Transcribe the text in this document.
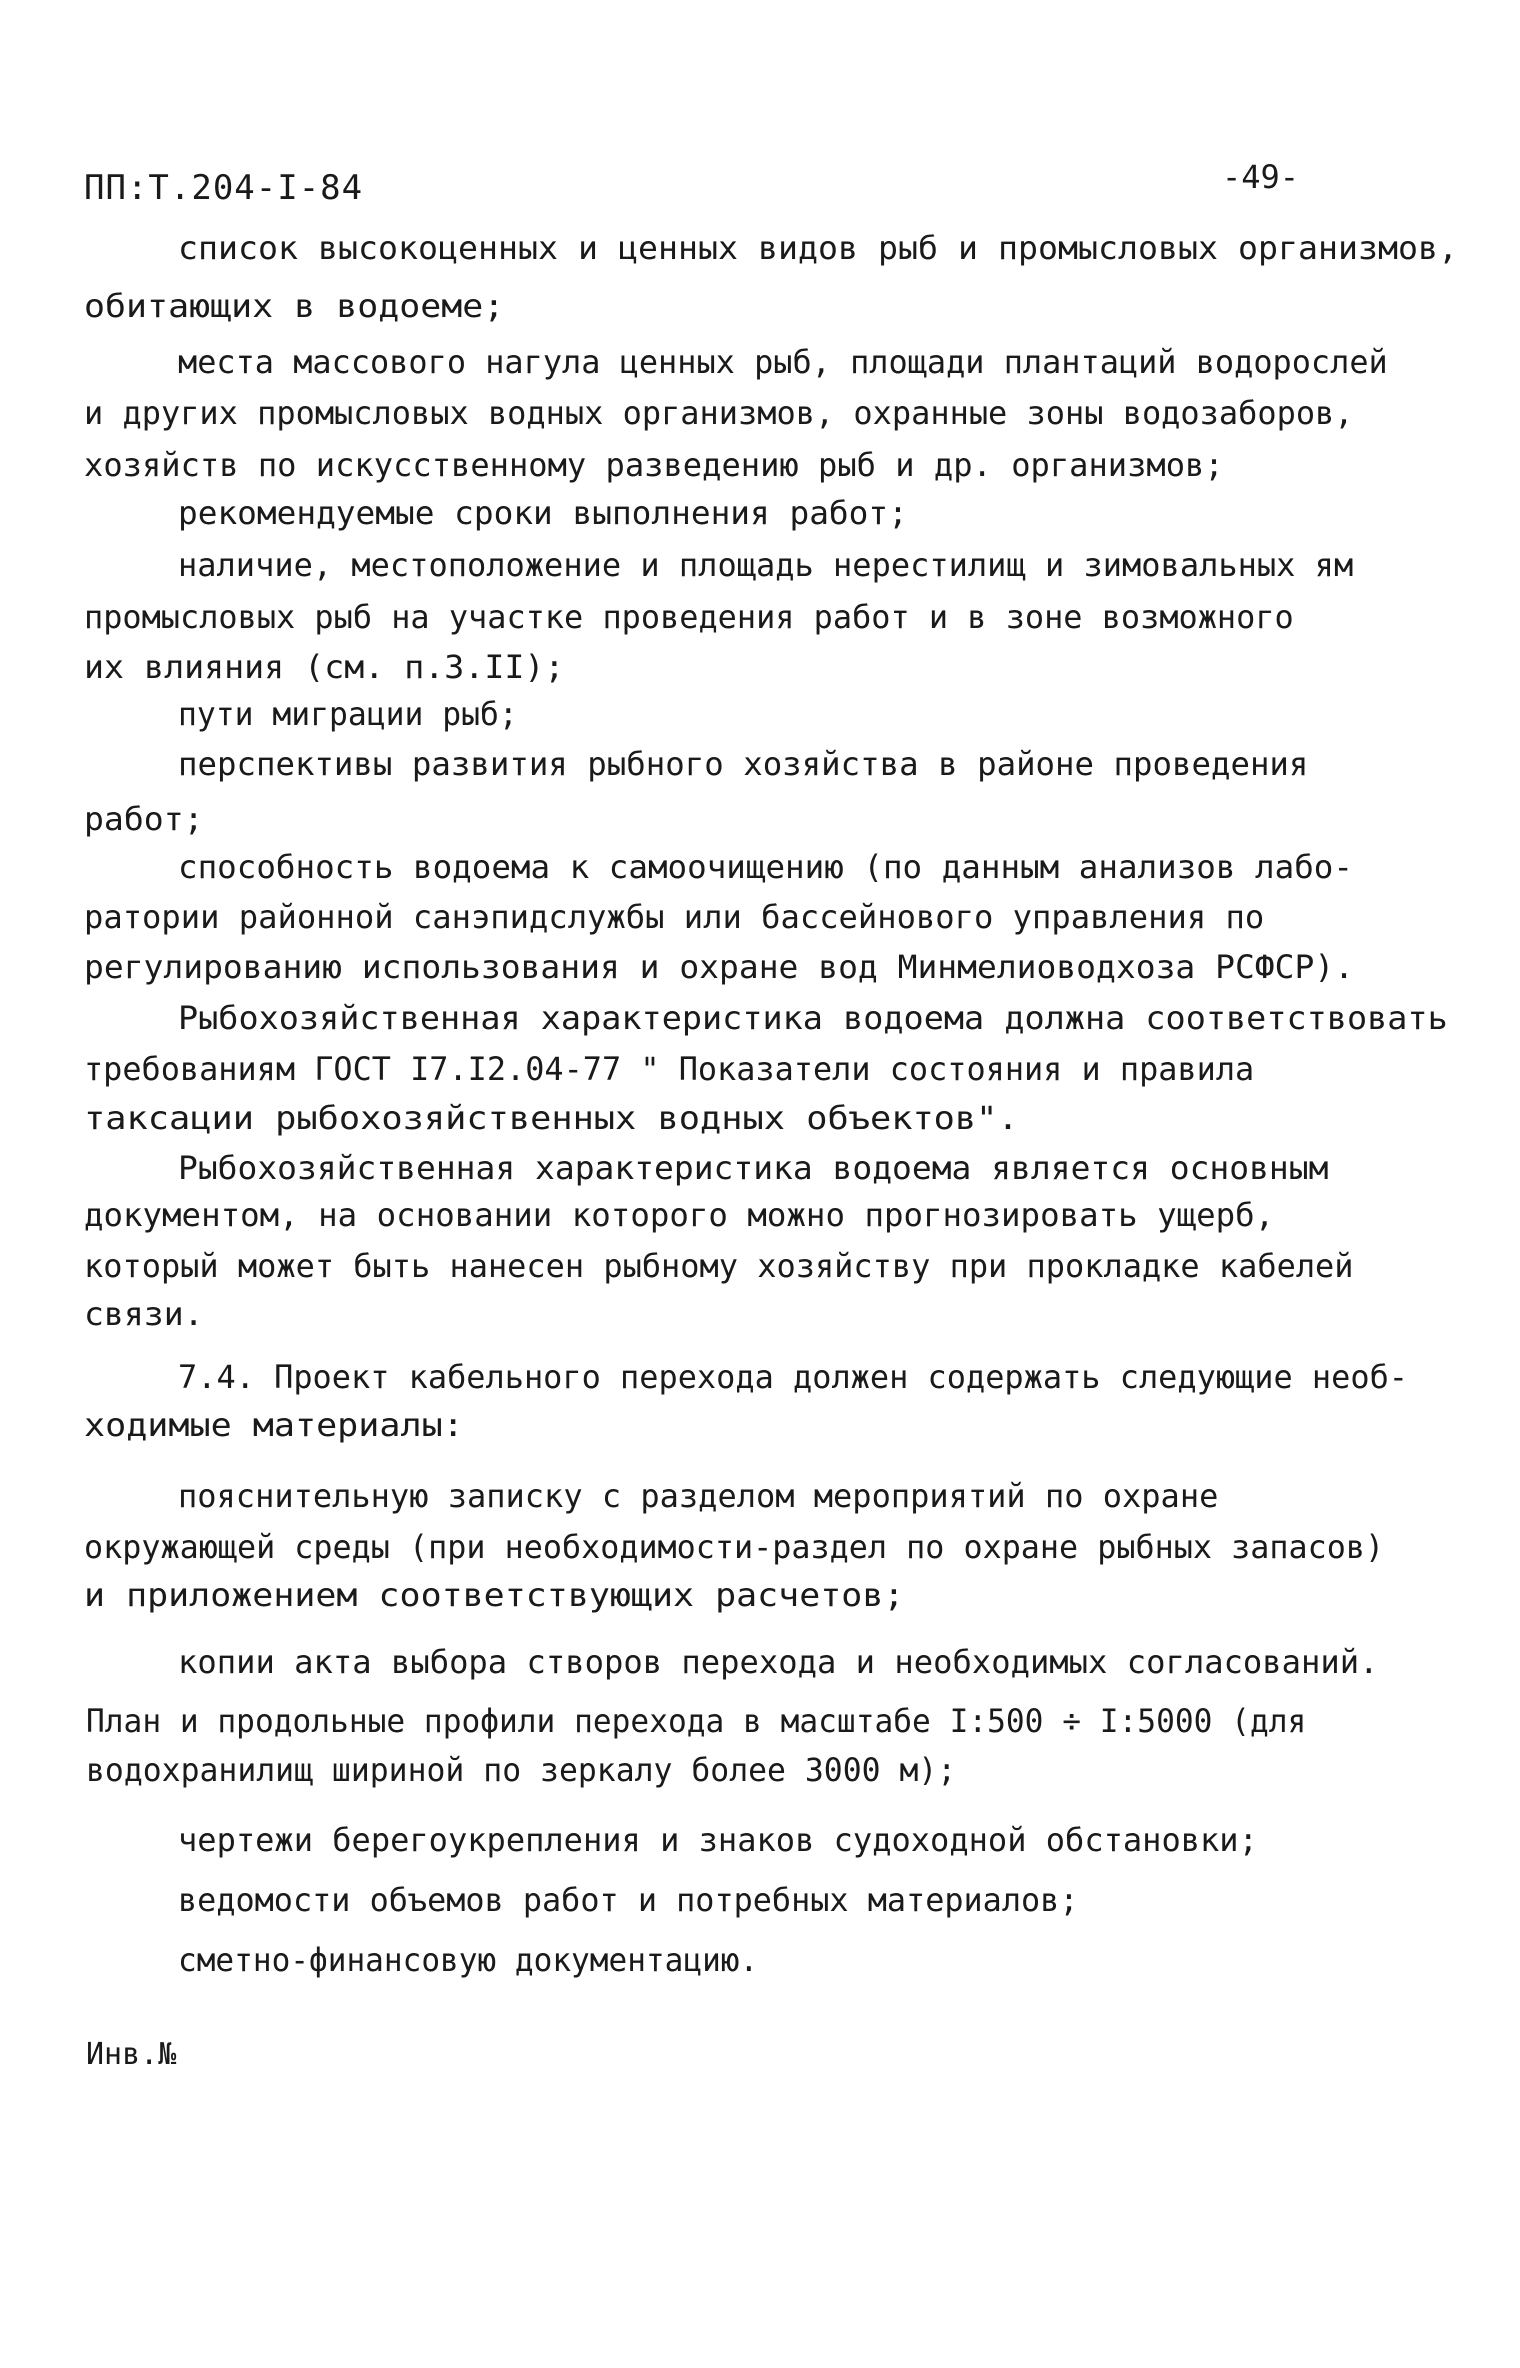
ПП:Т.204-I-84	-49-
список высокоценных и ценных видов рыб и промысловых организмов,
обитающих в водоеме;
места массового нагула ценных рыб, площади плантаций водорослей
и других промысловых водных организмов, охранные зоны водозаборов,
хозяйств по искусственному разведению рыб и др. организмов;
рекомендуемые сроки выполнения работ;
наличие, местоположение и площадь нерестилищ и зимовальных ям
промысловых рыб на участке проведения работ и в зоне возможного
их влияния (см. п.3.II);
пути миграции рыб;
перспективы развития рыбного хозяйства в районе проведения
работ;
способность водоема к самоочищению (по данным анализов лабо-
ратории районной санэпидслужбы или бассейнового управления по
регулированию использования и охране вод Минмелиоводхоза РСФСР).
Рыбохозяйственная характеристика водоема должна соответствовать
требованиям ГОСТ I7.I2.04-77 " Показатели состояния и правила
таксации рыбохозяйственных водных объектов".
Рыбохозяйственная характеристика водоема является основным
документом, на основании которого можно прогнозировать ущерб,
который может быть нанесен рыбному хозяйству при прокладке кабелей
связи.
7.4. Проект кабельного перехода должен содержать следующие необ-
ходимые материалы:
пояснительную записку с разделом мероприятий по охране
окружающей среды (при необходимости-раздел по охране рыбных запасов)
и приложением соответствующих расчетов;
копии акта выбора створов перехода и необходимых согласований.
План и продольные профили перехода в масштабе I:500 ÷ I:5000 (для
водохранилищ шириной по зеркалу более 3000 м);
чертежи берегоукрепления и знаков судоходной обстановки;
ведомости объемов работ и потребных материалов;
сметно-финансовую документацию.
Инв.№
